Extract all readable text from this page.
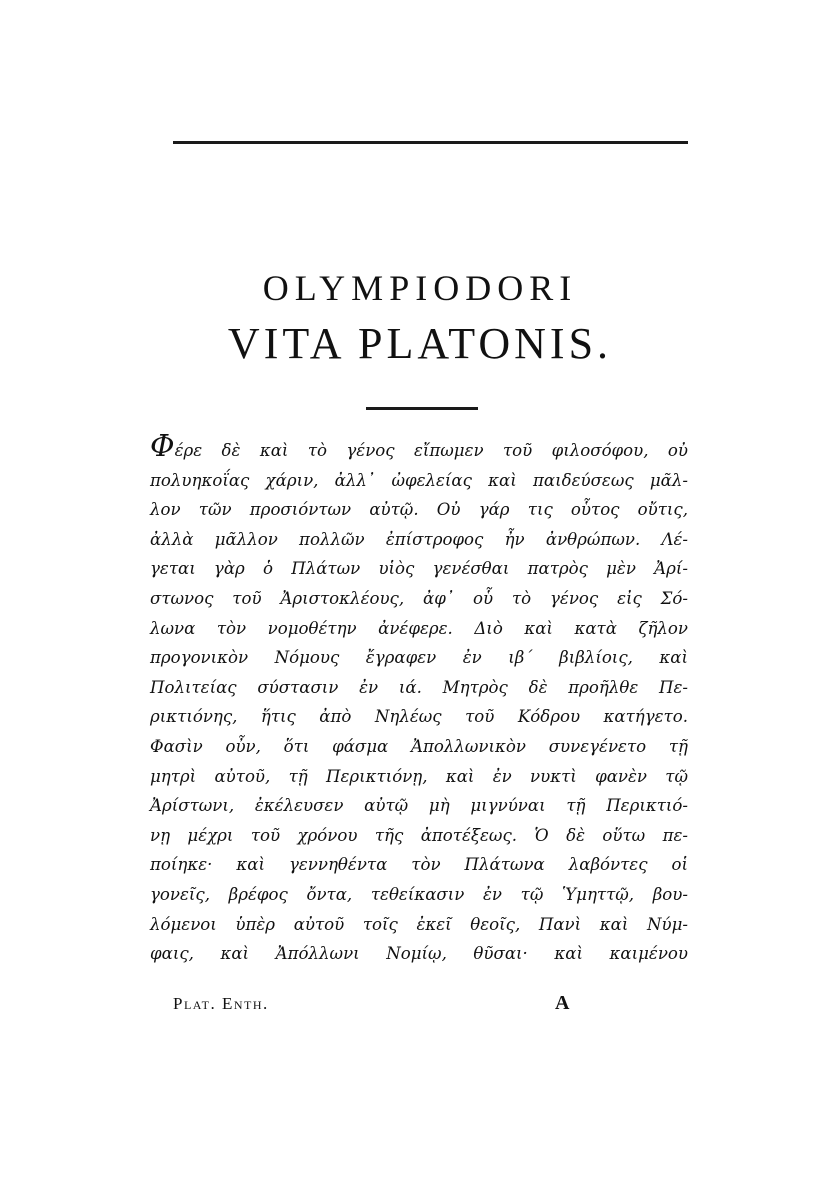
OLYMPIODORI
VITA PLATONIS.
Φέρε δὲ καὶ τὸ γένος εἴπωμεν τοῦ φιλοσόφου, οὐ
πολυηκοΐας χάριν, ἀλλ᾽ ὠφελείας καὶ παιδεύσεως μᾶλ-
λον τῶν προσιόντων αὐτῷ. Οὐ γάρ τις οὗτος οὔτις,
ἀλλὰ μᾶλλον πολλῶν ἐπίστροφος ἦν ἀνθρώπων. Λέ-
γεται γὰρ ὁ Πλάτων υἱὸς γενέσθαι πατρὸς μὲν Ἀρί-
στωνος τοῦ Ἀριστοκλέους, ἀφ᾽ οὗ τὸ γένος εἰς Σό-
λωνα τὸν νομοθέτην ἀνέφερε. Διὸ καὶ κατὰ ζῆλον
προγονικὸν Νόμους ἔγραφεν ἐν ιβ΄ βιβλίοις, καὶ
Πολιτείας σύστασιν ἐν ιά. Μητρὸς δὲ προῆλθε Πε-
ρικτιόνης, ἥτις ἀπὸ Νηλέως τοῦ Κόδρου κατήγετο.
Φασὶν οὖν, ὅτι φάσμα Ἀπολλωνικὸν συνεγένετο τῇ
μητρὶ αὐτοῦ, τῇ Περικτιόνῃ, καὶ ἐν νυκτὶ φανὲν τῷ
Ἀρίστωνι, ἐκέλευσεν αὐτῷ μὴ μιγνύναι τῇ Περικτιό-
νῃ μέχρι τοῦ χρόνου τῆς ἀποτέξεως. Ὁ δὲ οὕτω πε-
ποίηκε· καὶ γεννηθέντα τὸν Πλάτωνα λαβόντες οἱ
γονεῖς, βρέφος ὄντα, τεθείκασιν ἐν τῷ Ὑμηττῷ, βου-
λόμενοι ὑπὲρ αὐτοῦ τοῖς ἐκεῖ θεοῖς, Πανὶ καὶ Νύμ-
φαις, καὶ Ἀπόλλωνι Νομίῳ, θῦσαι· καὶ καιμένου
Plat. Enth.	A
